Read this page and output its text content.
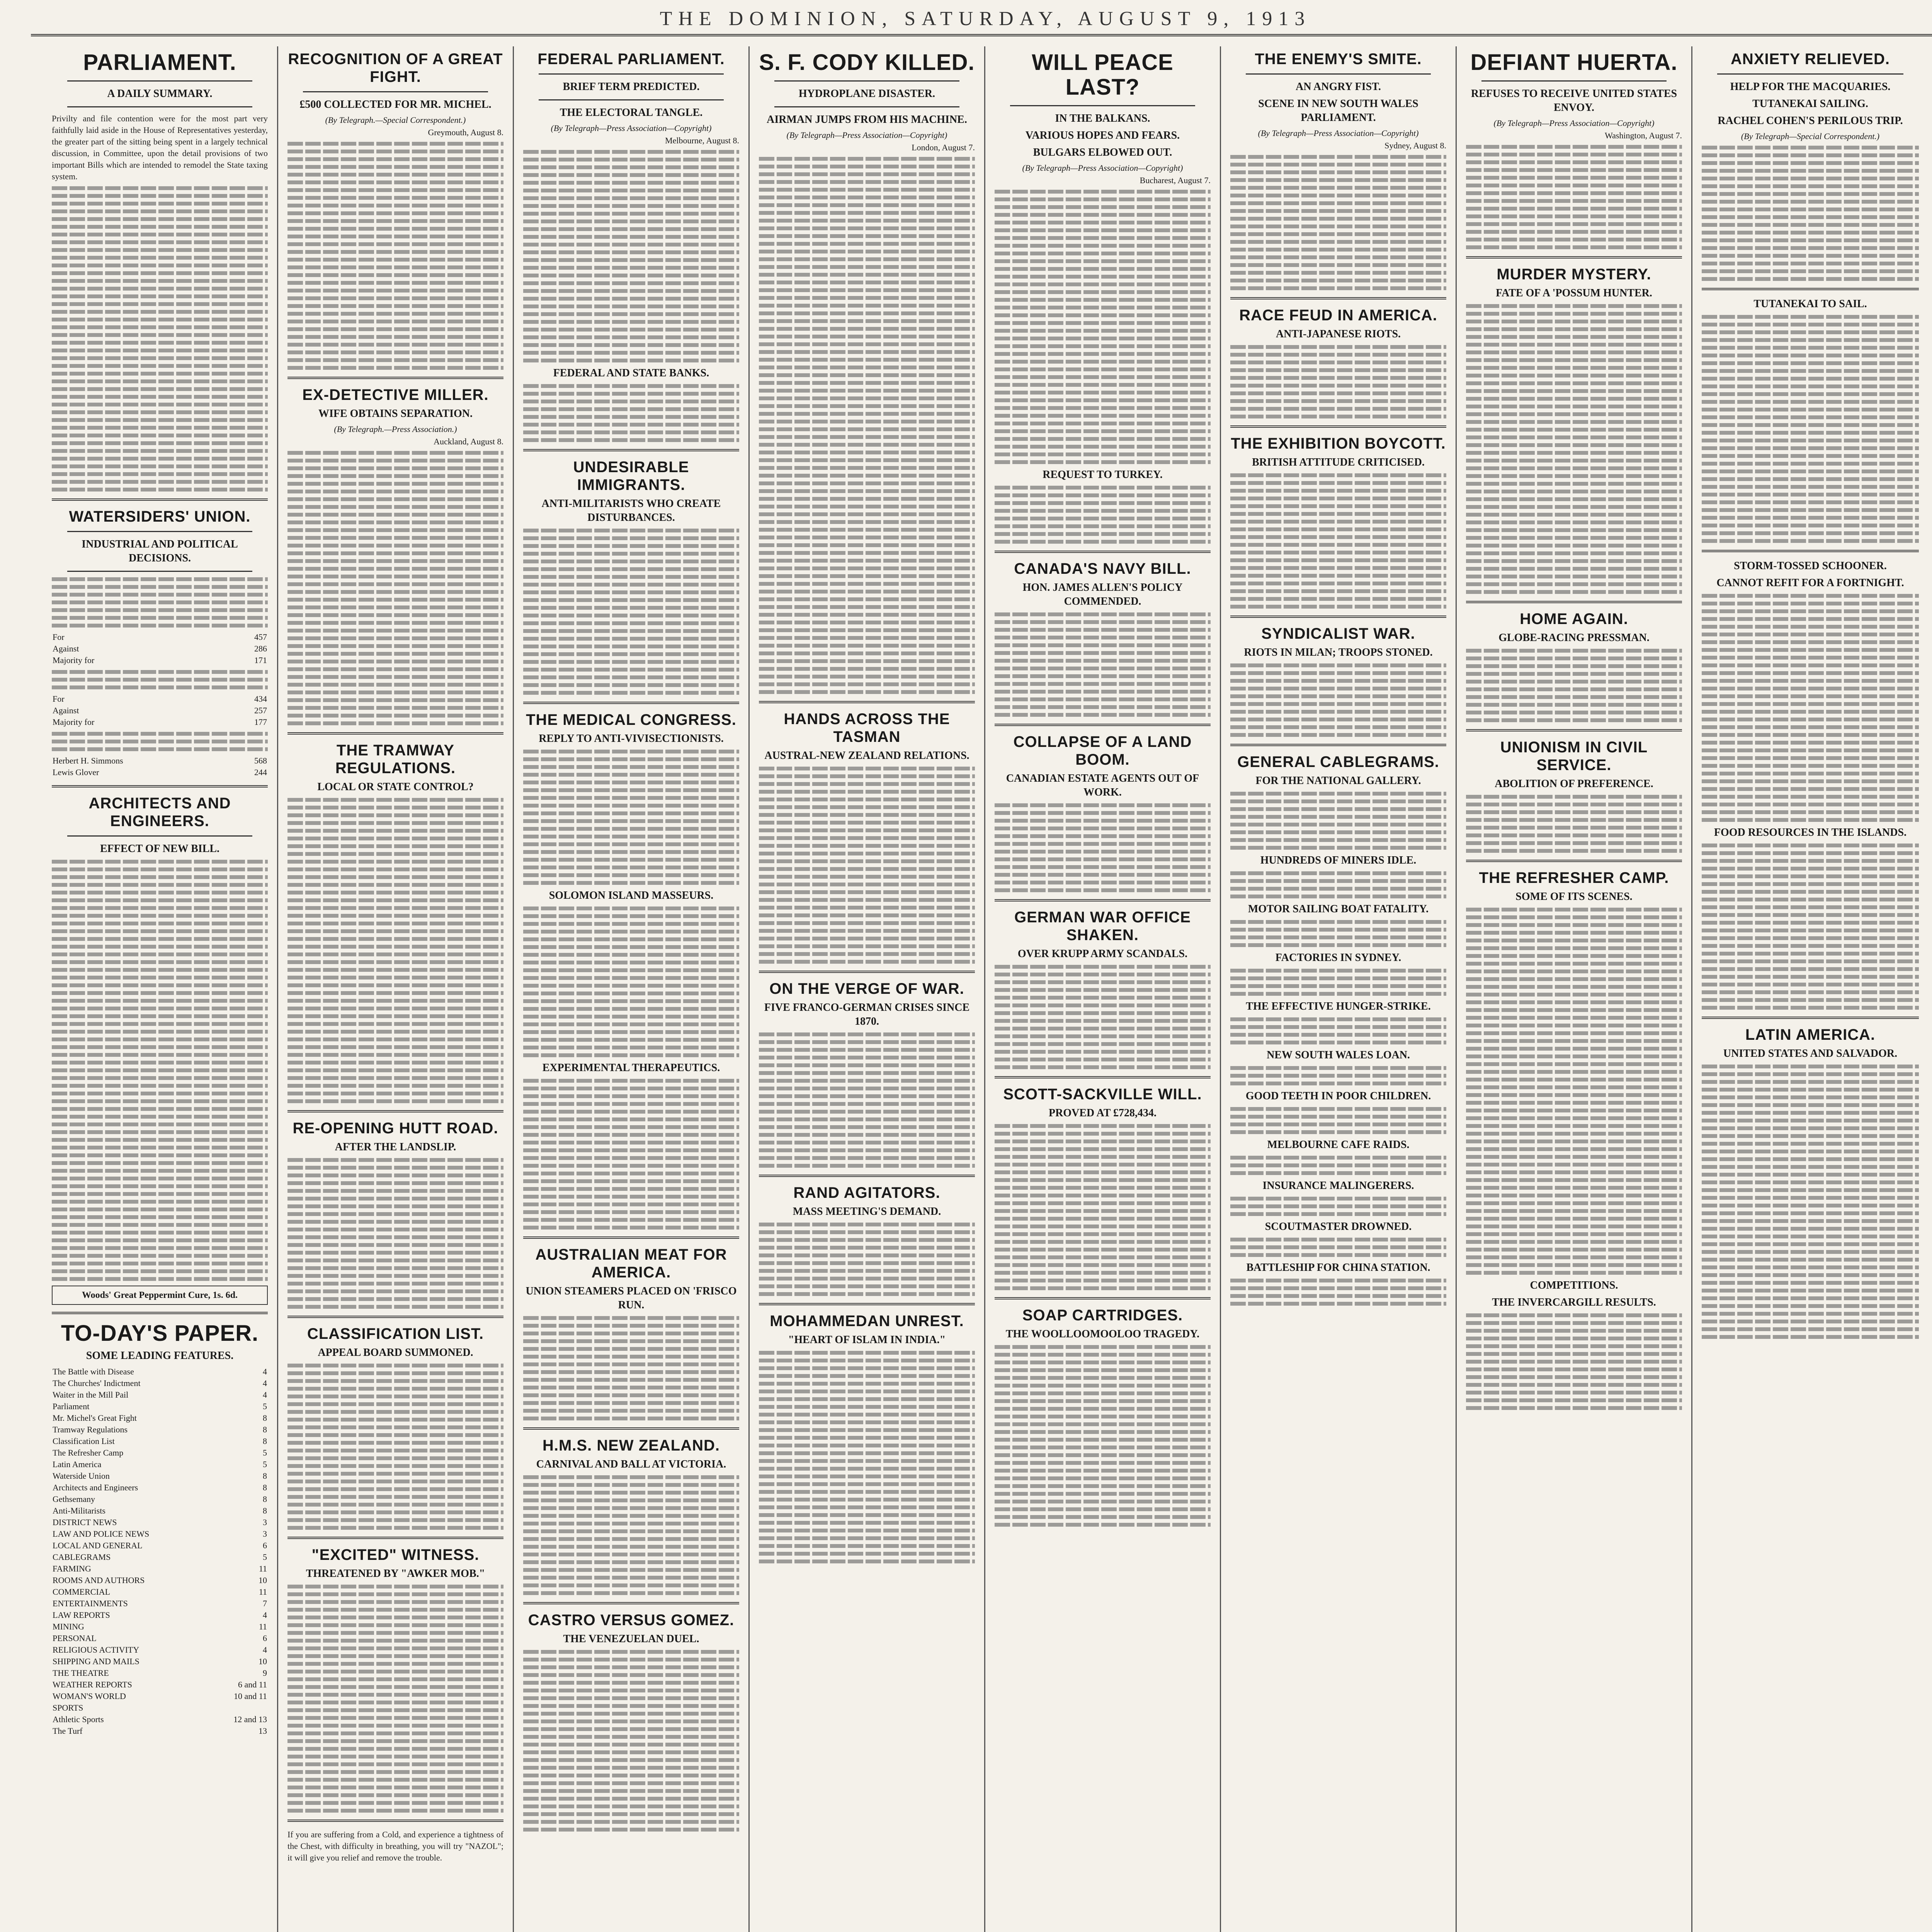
THE DOMINION, SATURDAY, AUGUST 9, 1913
PARLIAMENT.
A DAILY SUMMARY.
Privilty and file contention were for the most part very faithfully laid aside in the House of Representatives yesterday, the greater part of the sitting being spent in a largely technical discussion, in Committee, upon the detail provisions of two important Bills which are intended to remodel the State taxing system.
WATERSIDERS' UNION.
INDUSTRIAL AND POLITICAL DECISIONS.
For	457
Against	286
Majority for	171
For	434
Against	257
Majority for	177
Herbert H. Simmons	568
Lewis Glover	244
ARCHITECTS AND ENGINEERS.
EFFECT OF NEW BILL.
Woods' Great Peppermint Cure, 1s. 6d.
TO-DAY'S PAPER.
SOME LEADING FEATURES.
The Battle with Disease	4
The Churches' Indictment	4
Waiter in the Mill Pail	4
Parliament	5
Mr. Michel's Great Fight	8
Tramway Regulations	8
Classification List	8
The Refresher Camp	5
Latin America	5
Waterside Union	8
Architects and Engineers	8
Gethsemany	8
Anti-Militarists	8
DISTRICT NEWS	3
LAW AND POLICE NEWS	3
LOCAL AND GENERAL	6
CABLEGRAMS	5
FARMING	11
ROOMS AND AUTHORS	10
COMMERCIAL	11
ENTERTAINMENTS	7
LAW REPORTS	4
MINING	11
PERSONAL	6
RELIGIOUS ACTIVITY	4
SHIPPING AND MAILS	10
THE THEATRE	9
WEATHER REPORTS	6 and 11
WOMAN'S WORLD	10 and 11
SPORTS	
Athletic Sports	12 and 13
The Turf	13
RECOGNITION OF A GREAT FIGHT.
£500 COLLECTED FOR MR. MICHEL.
(By Telegraph.—Special Correspondent.)
Greymouth, August 8.
EX-DETECTIVE MILLER.
WIFE OBTAINS SEPARATION.
(By Telegraph.—Press Association.)
Auckland, August 8.
THE TRAMWAY REGULATIONS.
LOCAL OR STATE CONTROL?
RE-OPENING HUTT ROAD.
AFTER THE LANDSLIP.
CLASSIFICATION LIST.
APPEAL BOARD SUMMONED.
"EXCITED" WITNESS.
THREATENED BY "AWKER MOB."
If you are suffering from a Cold, and experience a tightness of the Chest, with difficulty in breathing, you will try "NAZOL"; it will give you relief and remove the trouble.
FEDERAL PARLIAMENT.
BRIEF TERM PREDICTED.
THE ELECTORAL TANGLE.
(By Telegraph—Press Association—Copyright)
Melbourne, August 8.
FEDERAL AND STATE BANKS.
UNDESIRABLE IMMIGRANTS.
ANTI-MILITARISTS WHO CREATE DISTURBANCES.
THE MEDICAL CONGRESS.
REPLY TO ANTI-VIVISECTIONISTS.
SOLOMON ISLAND MASSEURS.
EXPERIMENTAL THERAPEUTICS.
AUSTRALIAN MEAT FOR AMERICA.
UNION STEAMERS PLACED ON 'FRISCO RUN.
H.M.S. NEW ZEALAND.
CARNIVAL AND BALL AT VICTORIA.
CASTRO VERSUS GOMEZ.
THE VENEZUELAN DUEL.
S. F. CODY KILLED.
HYDROPLANE DISASTER.
AIRMAN JUMPS FROM HIS MACHINE.
(By Telegraph—Press Association—Copyright)
London, August 7.
HANDS ACROSS THE TASMAN
AUSTRAL-NEW ZEALAND RELATIONS.
ON THE VERGE OF WAR.
FIVE FRANCO-GERMAN CRISES SINCE 1870.
RAND AGITATORS.
MASS MEETING'S DEMAND.
MOHAMMEDAN UNREST.
"HEART OF ISLAM IN INDIA."
WILL PEACE LAST?
IN THE BALKANS.
VARIOUS HOPES AND FEARS.
BULGARS ELBOWED OUT.
(By Telegraph—Press Association—Copyright)
Bucharest, August 7.
REQUEST TO TURKEY.
CANADA'S NAVY BILL.
HON. JAMES ALLEN'S POLICY COMMENDED.
COLLAPSE OF A LAND BOOM.
CANADIAN ESTATE AGENTS OUT OF WORK.
GERMAN WAR OFFICE SHAKEN.
OVER KRUPP ARMY SCANDALS.
SCOTT-SACKVILLE WILL.
PROVED AT £728,434.
SOAP CARTRIDGES.
THE WOOLLOOMOOLOO TRAGEDY.
THE ENEMY'S SMITE.
AN ANGRY FIST.
SCENE IN NEW SOUTH WALES PARLIAMENT.
(By Telegraph—Press Association—Copyright)
Sydney, August 8.
RACE FEUD IN AMERICA.
ANTI-JAPANESE RIOTS.
THE EXHIBITION BOYCOTT.
BRITISH ATTITUDE CRITICISED.
SYNDICALIST WAR.
RIOTS IN MILAN; TROOPS STONED.
GENERAL CABLEGRAMS.
FOR THE NATIONAL GALLERY.
HUNDREDS OF MINERS IDLE.
MOTOR SAILING BOAT FATALITY.
FACTORIES IN SYDNEY.
THE EFFECTIVE HUNGER-STRIKE.
NEW SOUTH WALES LOAN.
GOOD TEETH IN POOR CHILDREN.
MELBOURNE CAFE RAIDS.
INSURANCE MALINGERERS.
SCOUTMASTER DROWNED.
BATTLESHIP FOR CHINA STATION.
DEFIANT HUERTA.
REFUSES TO RECEIVE UNITED STATES ENVOY.
(By Telegraph—Press Association—Copyright)
Washington, August 7.
MURDER MYSTERY.
FATE OF A 'POSSUM HUNTER.
HOME AGAIN.
GLOBE-RACING PRESSMAN.
UNIONISM IN CIVIL SERVICE.
ABOLITION OF PREFERENCE.
THE REFRESHER CAMP.
SOME OF ITS SCENES.
COMPETITIONS.
THE INVERCARGILL RESULTS.
ANXIETY RELIEVED.
HELP FOR THE MACQUARIES.
TUTANEKAI SAILING.
RACHEL COHEN'S PERILOUS TRIP.
(By Telegraph—Special Correspondent.)
TUTANEKAI TO SAIL.
STORM-TOSSED SCHOONER.
CANNOT REFIT FOR A FORTNIGHT.
FOOD RESOURCES IN THE ISLANDS.
LATIN AMERICA.
UNITED STATES AND SALVADOR.
